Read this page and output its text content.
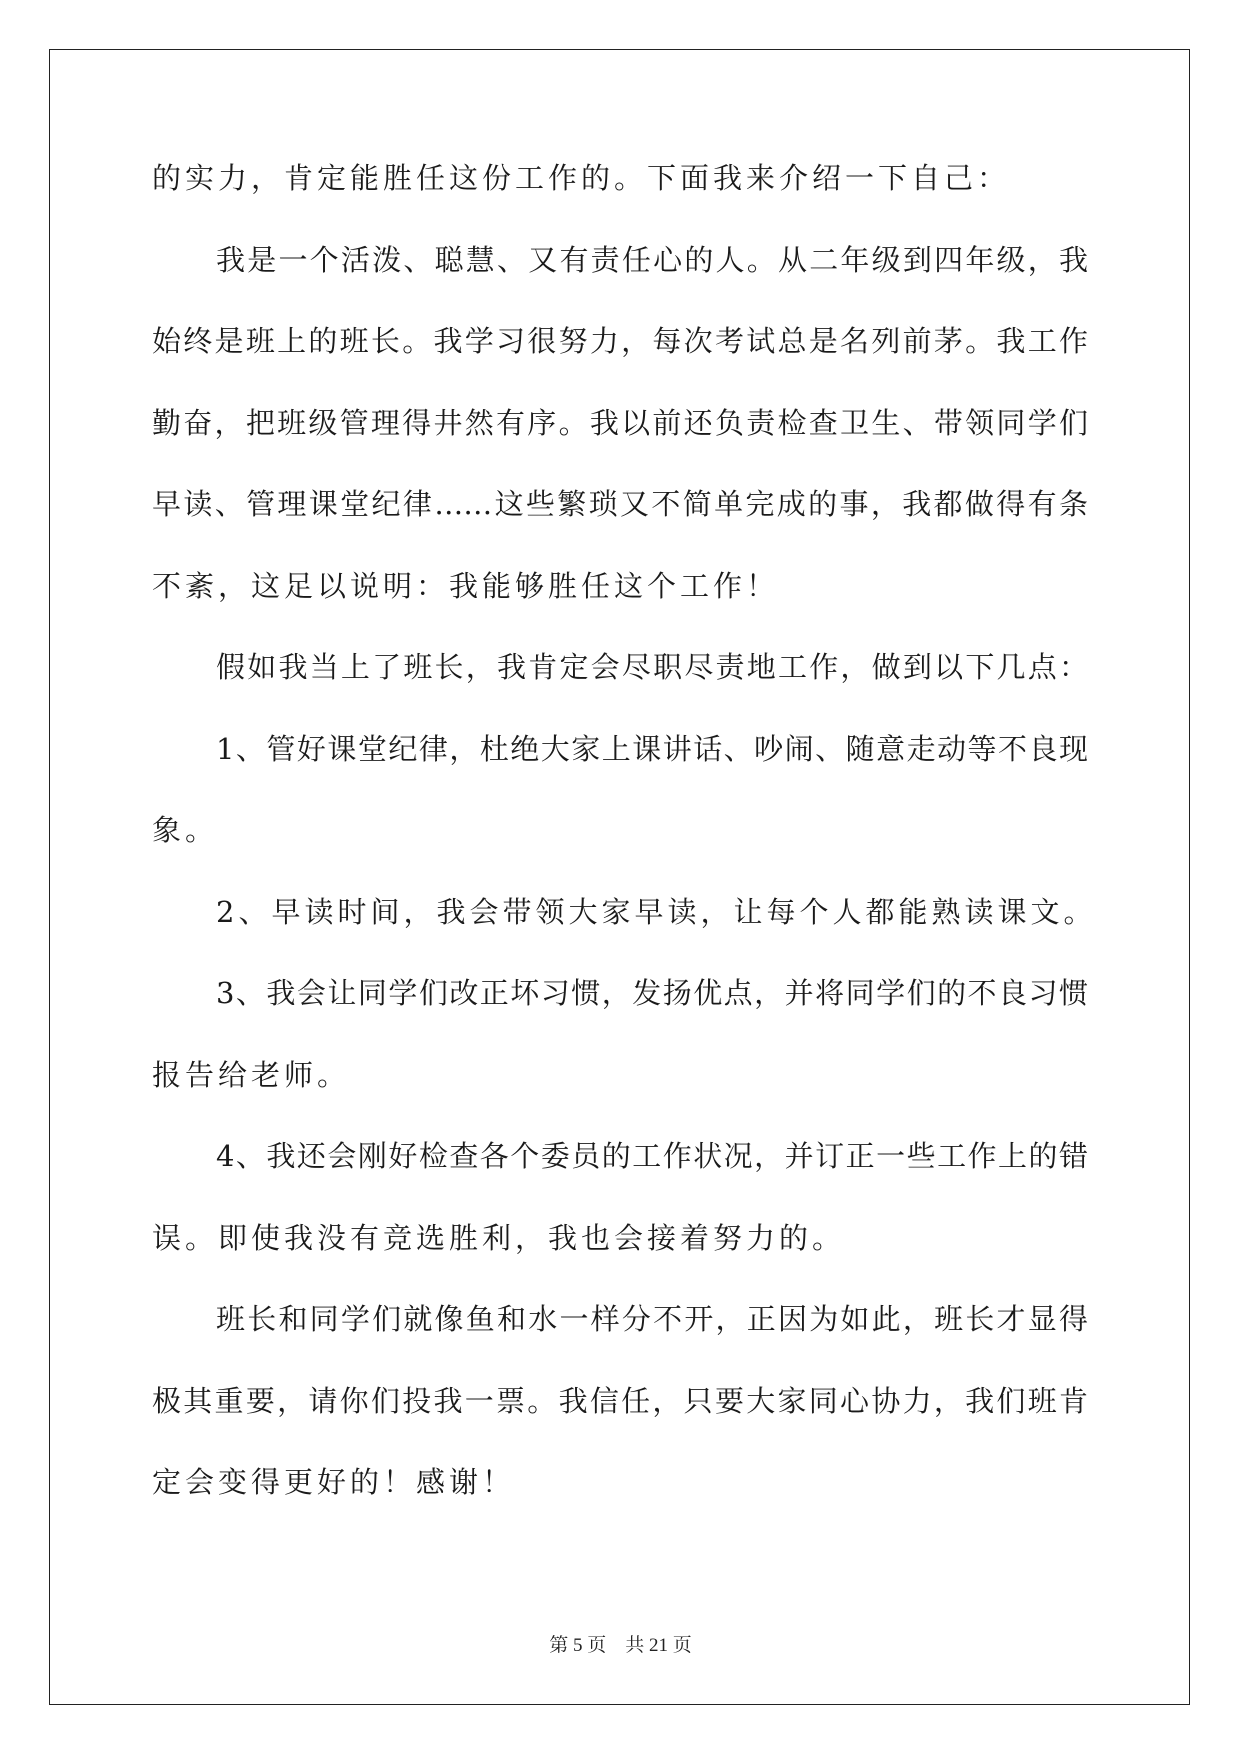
的实力，肯定能胜任这份工作的。下面我来介绍一下自己：
我是一个活泼、聪慧、又有责任心的人。从二年级到四年级，我
始终是班上的班长。我学习很努力，每次考试总是名列前茅。我工作
勤奋，把班级管理得井然有序。我以前还负责检查卫生、带领同学们
早读、管理课堂纪律……这些繁琐又不简单完成的事，我都做得有条
不紊，这足以说明：我能够胜任这个工作！
假如我当上了班长，我肯定会尽职尽责地工作，做到以下几点：
1、管好课堂纪律，杜绝大家上课讲话、吵闹、随意走动等不良现
象。
2、早读时间，我会带领大家早读，让每个人都能熟读课文。
3、我会让同学们改正坏习惯，发扬优点，并将同学们的不良习惯
报告给老师。
4、我还会刚好检查各个委员的工作状况，并订正一些工作上的错
误。即使我没有竞选胜利，我也会接着努力的。
班长和同学们就像鱼和水一样分不开，正因为如此，班长才显得
极其重要，请你们投我一票。我信任，只要大家同心协力，我们班肯
定会变得更好的！感谢！
第 5 页 共 21 页
